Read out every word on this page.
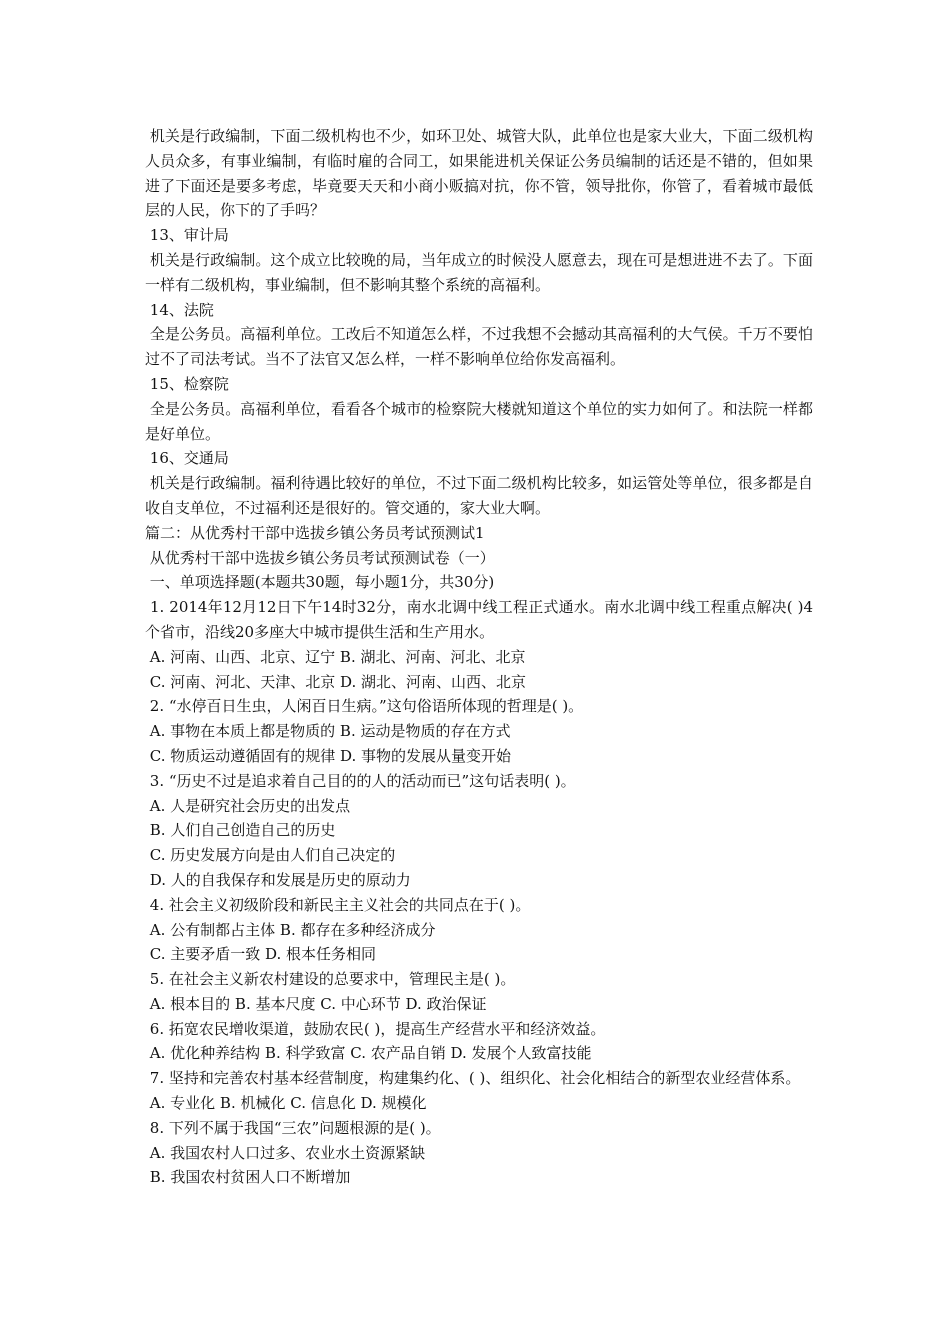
机关是行政编制，下面二级机构也不少，如环卫处、城管大队，此单位也是家大业大，下面二级机构人员众多，有事业编制，有临时雇的合同工，如果能进机关保证公务员编制的话还是不错的，但如果进了下面还是要多考虑，毕竟要天天和小商小贩搞对抗，你不管，领导批你，你管了，看着城市最低层的人民，你下的了手吗？

13、审计局

机关是行政编制。这个成立比较晚的局，当年成立的时候没人愿意去，现在可是想进进不去了。下面一样有二级机构，事业编制，但不影响其整个系统的高福利。

14、法院

全是公务员。高福利单位。工改后不知道怎么样，不过我想不会撼动其高福利的大气侯。千万不要怕过不了司法考试。当不了法官又怎么样，一样不影响单位给你发高福利。

15、检察院

全是公务员。高福利单位，看看各个城市的检察院大楼就知道这个单位的实力如何了。和法院一样都是好单位。

16、交通局

机关是行政编制。福利待遇比较好的单位，不过下面二级机构比较多，如运管处等单位，很多都是自收自支单位，不过福利还是很好的。管交通的，家大业大啊。

篇二：从优秀村干部中选拔乡镇公务员考试预测试1

从优秀村干部中选拔乡镇公务员考试预测试卷（一）

一、单项选择题(本题共30题，每小题1分，共30分)

1. 2014年12月12日下午14时32分，南水北调中线工程正式通水。南水北调中线工程重点解决( )4个省市，沿线20多座大中城市提供生活和生产用水。

A. 河南、山西、北京、辽宁 B. 湖北、河南、河北、北京

C. 河南、河北、天津、北京 D. 湖北、河南、山西、北京

2. “水停百日生虫，人闲百日生病。”这句俗语所体现的哲理是( )。

A. 事物在本质上都是物质的 B. 运动是物质的存在方式

C. 物质运动遵循固有的规律 D. 事物的发展从量变开始

3. “历史不过是追求着自己目的的人的活动而已”这句话表明( )。

A. 人是研究社会历史的出发点

B. 人们自己创造自己的历史

C. 历史发展方向是由人们自己决定的

D. 人的自我保存和发展是历史的原动力

4. 社会主义初级阶段和新民主主义社会的共同点在于( )。

A. 公有制都占主体 B. 都存在多种经济成分

C. 主要矛盾一致 D. 根本任务相同

5. 在社会主义新农村建设的总要求中，管理民主是( )。

A. 根本目的 B. 基本尺度 C. 中心环节 D. 政治保证

6. 拓宽农民增收渠道，鼓励农民( )，提高生产经营水平和经济效益。

A. 优化种养结构 B. 科学致富 C. 农产品自销 D. 发展个人致富技能

7. 坚持和完善农村基本经营制度，构建集约化、( )、组织化、社会化相结合的新型农业经营体系。

A. 专业化 B. 机械化 C. 信息化 D. 规模化

8. 下列不属于我国“三农”问题根源的是( )。

A. 我国农村人口过多、农业水土资源紧缺

B. 我国农村贫困人口不断增加
